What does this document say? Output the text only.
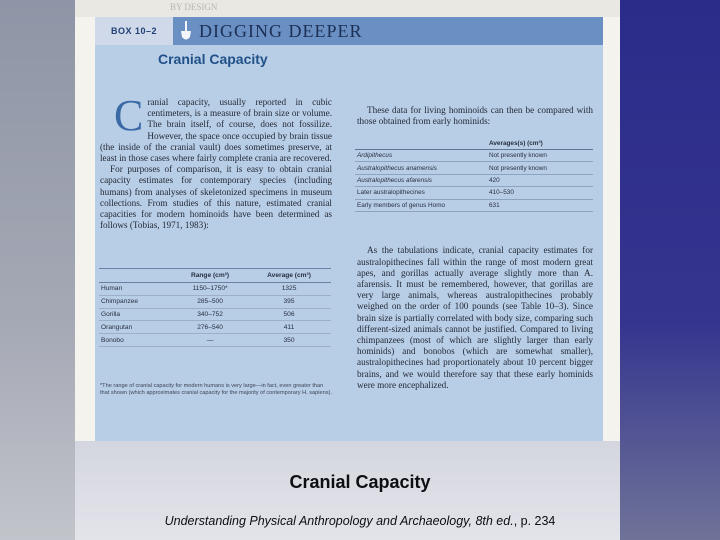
BY DESIGN
BOX 10–2	DIGGING DEEPER
Cranial Capacity
C ranial capacity, usually reported in cubic centimeters, is a measure of brain size or volume. The brain itself, of course, does not fossilize. However, the space once occupied by brain tissue (the inside of the cranial vault) does sometimes preserve, at least in those cases where fairly complete crania are recovered.

For purposes of comparison, it is easy to obtain cranial capacity estimates for contemporary species (including humans) from analyses of skeletonized specimens in museum collections. From studies of this nature, estimated cranial capacities for modern hominoids have been determined as follows (Tobias, 1971, 1983):

	Range (cm³)	Average (cm³)
Human	1150–1750*	1325
Chimpanzee	285–500	395
Gorilla	340–752	506
Orangutan	276–540	411
Bonobo	—	350
*The range of cranial capacity for modern humans is very large—in fact, even greater than that shown (which approximates cranial capacity for the majority of contemporary H. sapiens).

These data for living hominoids can then be compared with those obtained from early hominids:

As the tabulations indicate, cranial capacity estimates for australopithecines fall within the range of most modern great apes, and gorillas actually average slightly more than A. afarensis. It must be remembered, however, that gorillas are very large animals, whereas australopithecines probably weighed on the order of 100 pounds (see Table 10–3). Since brain size is partially correlated with body size, comparing such different-sized animals cannot be justified. Compared to living chimpanzees (most of which are slightly larger than early hominids) and bonobos (which are somewhat smaller), australopithecines had proportionately about 10 percent bigger brains, and we would therefore say that these early hominids were more encephalized.

	Averages(s) (cm³)
Ardipithecus	Not presently known
Australopithecus anamensis	Not presently known
Australopithecus afarensis	420
Later australopithecines	410–530
Early members of genus Homo	631
Cranial Capacity
Understanding Physical Anthropology and Archaeology, 8th ed., p. 234
